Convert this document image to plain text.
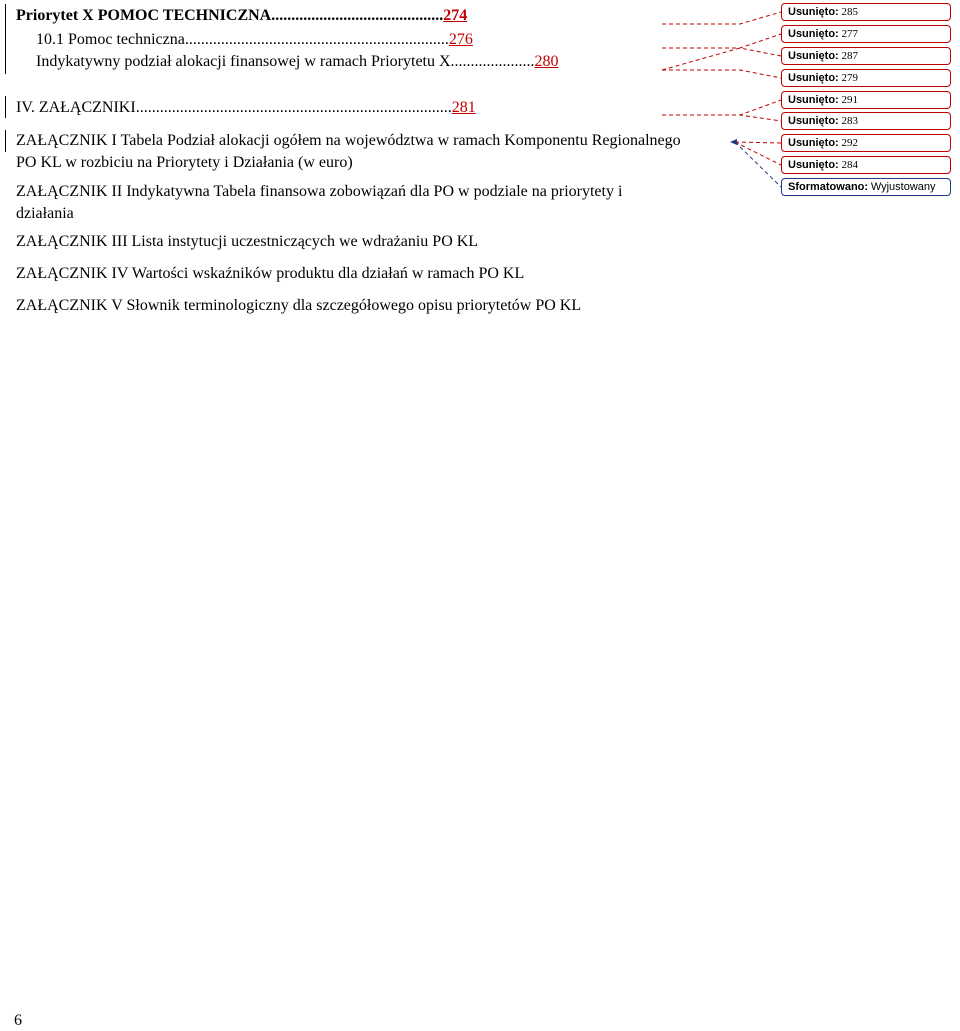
Priorytet X POMOC TECHNICZNA...........................................274
10.1 Pomoc techniczna..................................................................276
Indykatywny podział alokacji finansowej w ramach Priorytetu X.....................280
IV. ZAŁĄCZNIKI...............................................................................281
ZAŁĄCZNIK I Tabela Podział alokacji ogółem na województwa w ramach Komponentu Regionalnego
PO KL w rozbiciu na Priorytety i Działania (w euro)
ZAŁĄCZNIK II Indykatywna Tabela finansowa zobowiązań dla PO w podziale na priorytety i
działania
ZAŁĄCZNIK III Lista instytucji uczestniczących we wdrażaniu PO KL
ZAŁĄCZNIK IV Wartości wskaźników produktu dla działań w ramach PO KL
ZAŁĄCZNIK V Słownik terminologiczny dla szczegółowego opisu priorytetów PO KL
6
Usunięto: 285
Usunięto: 277
Usunięto: 287
Usunięto: 279
Usunięto: 291
Usunięto: 283
Usunięto: 292
Usunięto: 284
Sformatowano: Wyjustowany
